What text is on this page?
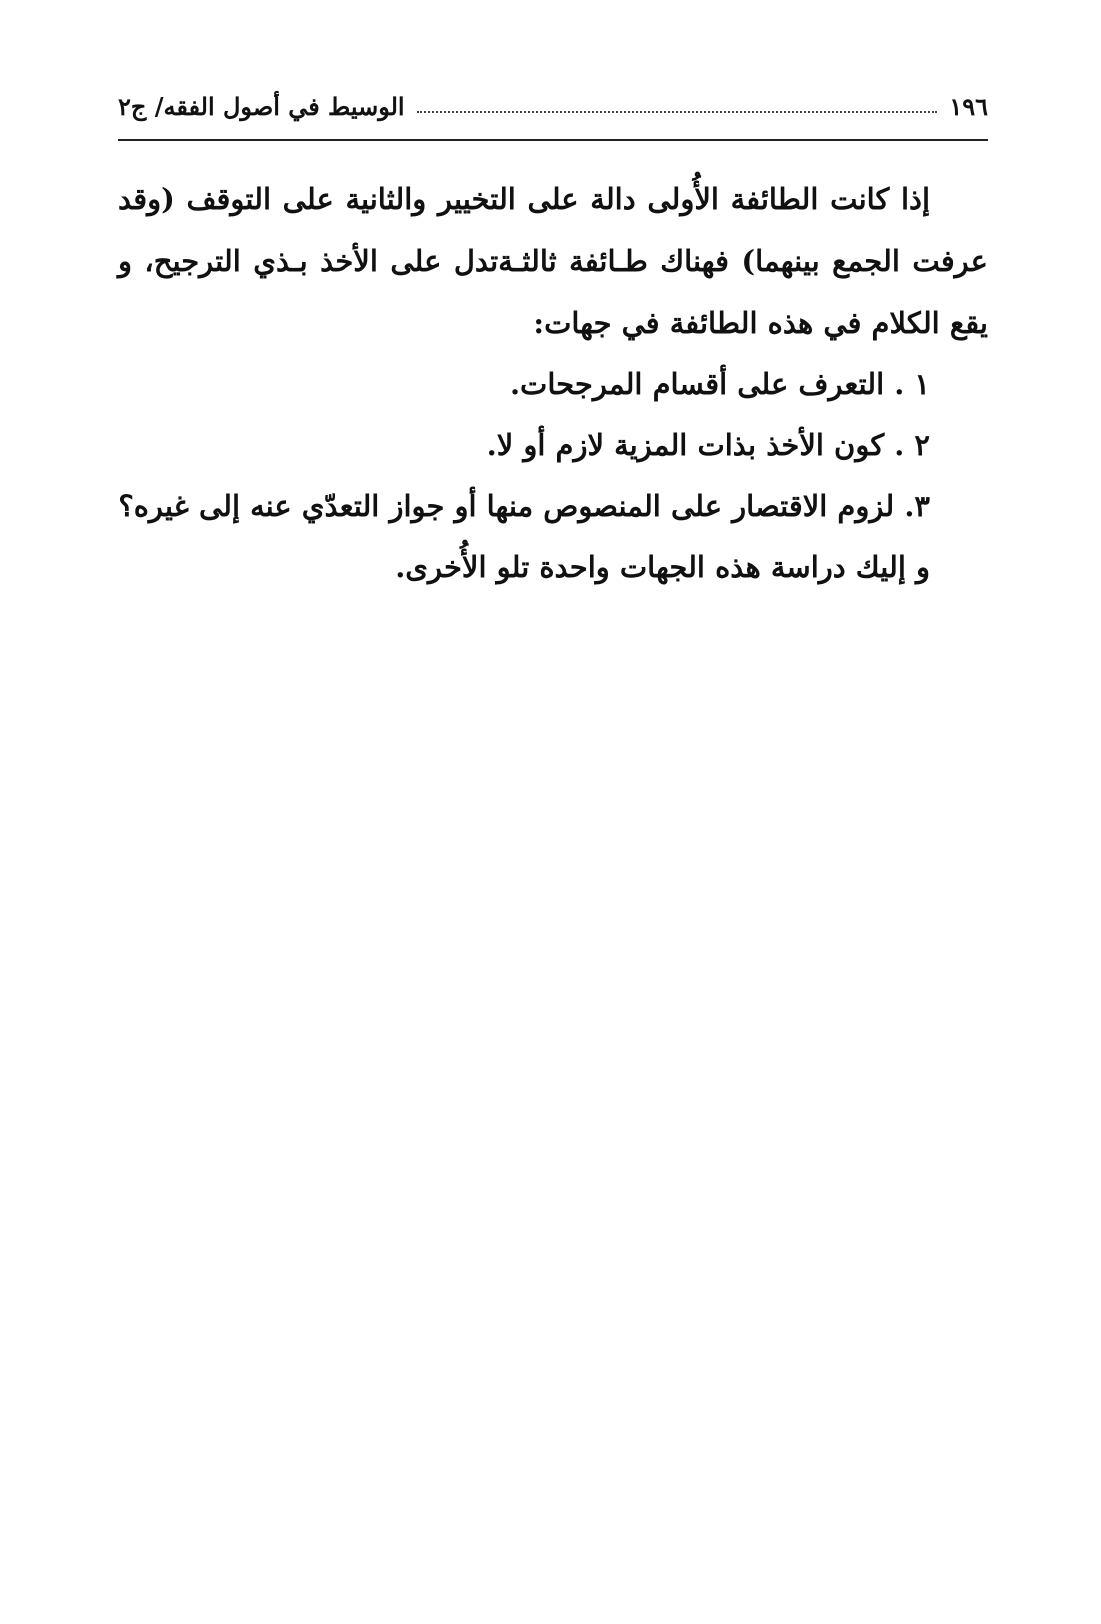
الوسيط في أصول الفقه/ ج٢	١٩٦

إذا كانت الطائفة الأُولى دالة على التخيير والثانية على التوقف (وقد عرفت الجمع بينهما) فهناك طـائفة ثالثـةتدل على الأخذ بـذي الترجيح، و يقع الكلام في هذه الطائفة في جهات:

١ . التعرف على أقسام المرجحات.
٢ . كون الأخذ بذات المزية لازم أو لا.
٣. لزوم الاقتصار على المنصوص منها أو جواز التعدّي عنه إلى غيره؟

و إليك دراسة هذه الجهات واحدة تلو الأُخرى.
